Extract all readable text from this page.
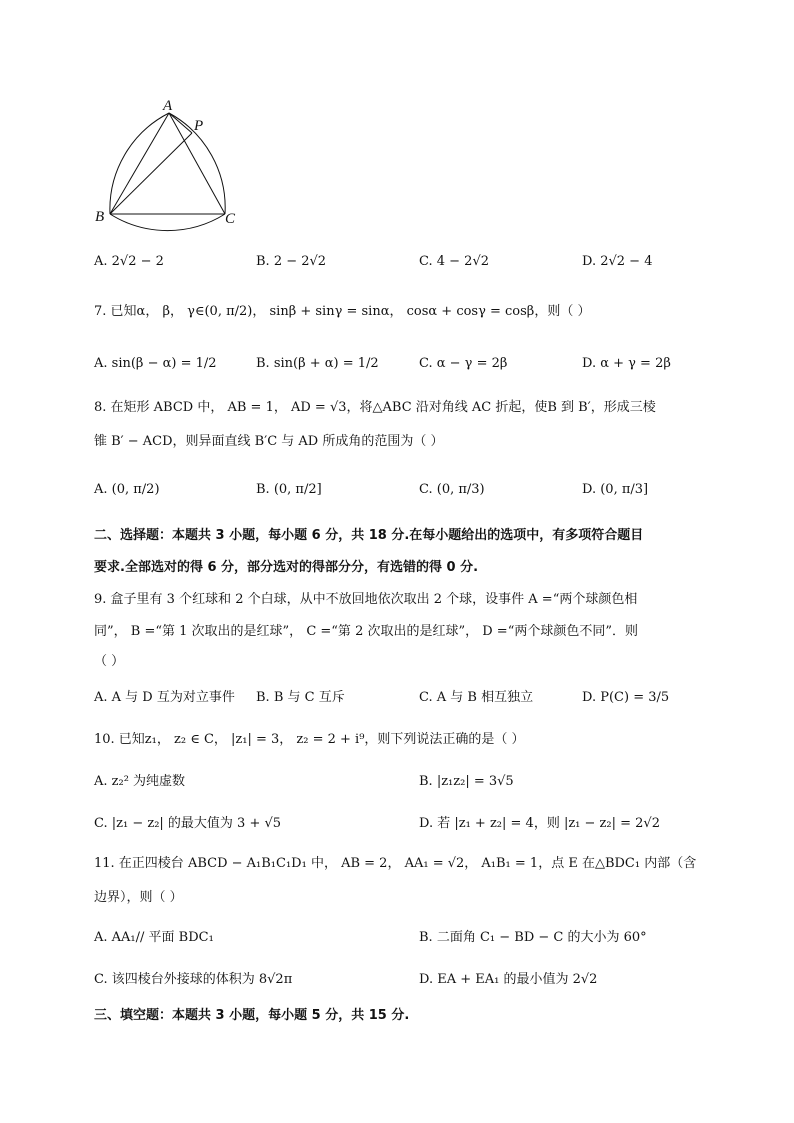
A
P
B	C
A. 2√2 − 2	B. 2 − 2√2	C. 4 − 2√2	D. 2√2 − 4
7. 已知α， β， γ∈(0, π/2)， sinβ + sinγ = sinα， cosα + cosγ = cosβ，则（ ）
A. sin(β − α) = 1/2	B. sin(β + α) = 1/2	C. α − γ = 2β	D. α + γ = 2β
8. 在矩形 ABCD 中， AB = 1， AD = √3，将△ABC 沿对角线 AC 折起，使B 到 B′，形成三棱
锥 B′ − ACD，则异面直线 B′C 与 AD 所成角的范围为（ ）
A. (0, π/2)	B. (0, π/2]	C. (0, π/3)	D. (0, π/3]
二、选择题：本题共 3 小题，每小题 6 分，共 18 分.在每小题给出的选项中，有多项符合题目
要求.全部选对的得 6 分，部分选对的得部分分，有选错的得 0 分.
9. 盒子里有 3 个红球和 2 个白球，从中不放回地依次取出 2 个球，设事件 A =“两个球颜色相
同”， B =“第 1 次取出的是红球”， C =“第 2 次取出的是红球”， D =“两个球颜色不同”．则
（ ）
A. A 与 D 互为对立事件 B. B 与 C 互斥	C. A 与 B 相互独立	D. P(C) = 3/5
10. 已知z₁， z₂ ∈ C， |z₁| = 3， z₂ = 2 + i⁹，则下列说法正确的是（ ）
A. z₂² 为纯虚数	B. |z₁z₂| = 3√5
C. |z₁ − z₂| 的最大值为 3 + √5	D. 若 |z₁ + z₂| = 4，则 |z₁ − z₂| = 2√2
11. 在正四棱台 ABCD − A₁B₁C₁D₁ 中， AB = 2， AA₁ = √2， A₁B₁ = 1，点 E 在△BDC₁ 内部（含
边界），则（ ）
A. AA₁// 平面 BDC₁	B. 二面角 C₁ − BD − C 的大小为 60°
C. 该四棱台外接球的体积为 8√2π	D. EA + EA₁ 的最小值为 2√2
三、填空题：本题共 3 小题，每小题 5 分，共 15 分.
